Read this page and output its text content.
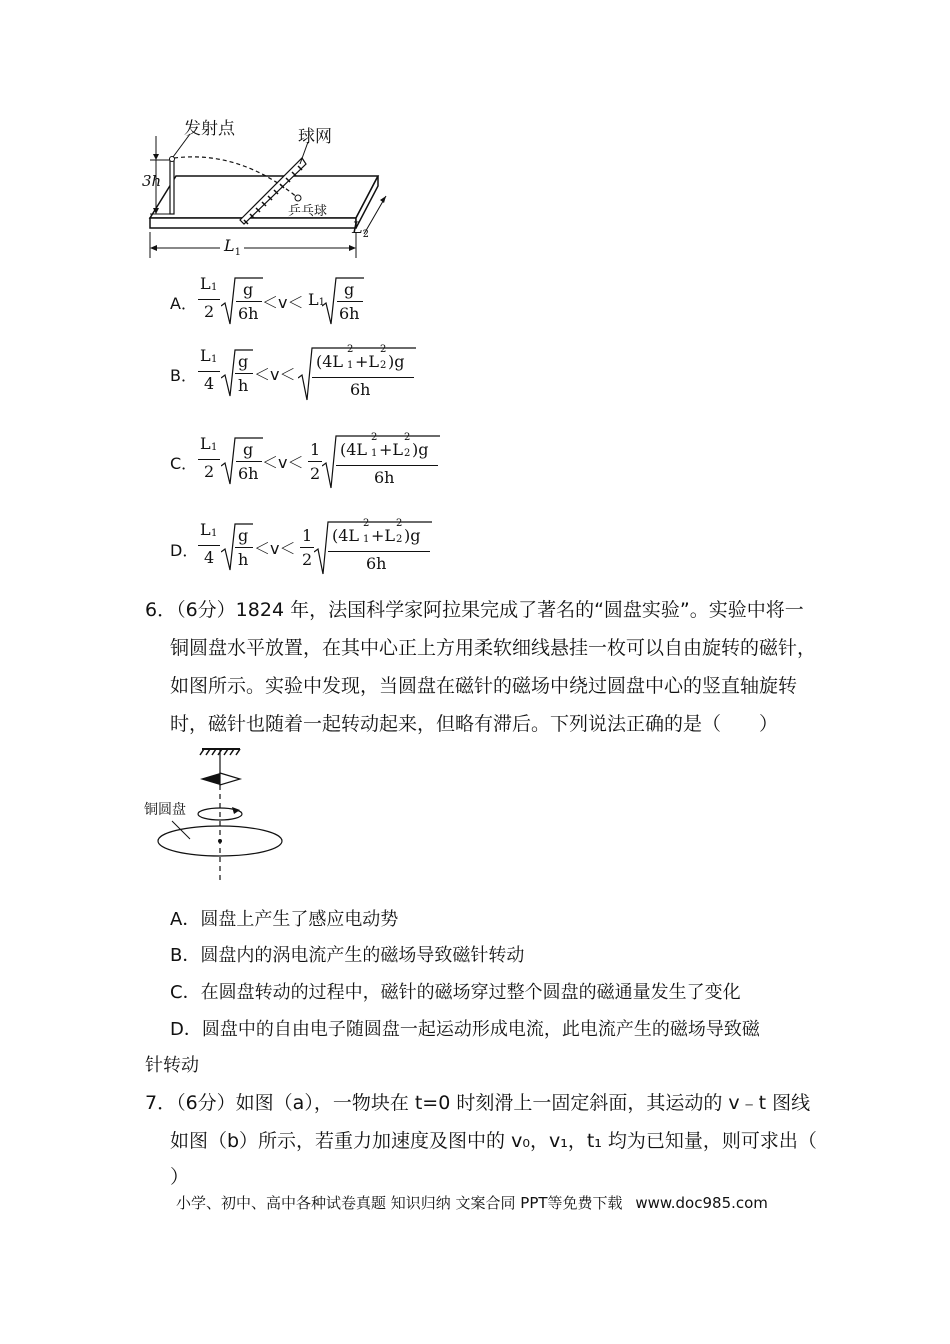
发射点	球网
乒乓球
3h
$L_1$
$L_2$
A．
L 1
2
g
6h
＜v＜ L1
g
6h
B．
L 1
4
g
h
＜v＜
(4L
2
1 +L
2
2 )g
6h
C．
L 1
2
g
6h
＜v＜
1
2
(4L
2
1 +L
2
2 )g
6h
D．
L 1
4
g
h
＜v＜
1
2
(4L
2
1 +L
2
2 )g
6h
6．（6分）1824 年，法国科学家阿拉果完成了著名的“圆盘实验”。实验中将一
铜圆盘水平放置，在其中心正上方用柔软细线悬挂一枚可以自由旋转的磁针，
如图所示。实验中发现，当圆盘在磁针的磁场中绕过圆盘中心的竖直轴旋转
时，磁针也随着一起转动起来，但略有滞后。下列说法正确的是（　　）
铜圆盘
A．圆盘上产生了感应电动势
B．圆盘内的涡电流产生的磁场导致磁针转动
C．在圆盘转动的过程中，磁针的磁场穿过整个圆盘的磁通量发生了变化
D．圆盘中的自由电子随圆盘一起运动形成电流，此电流产生的磁场导致磁
针转动
7．（6分）如图（a），一物块在 t=0 时刻滑上一固定斜面，其运动的 v﹣t 图线
如图（b）所示，若重力加速度及图中的 v₀，v₁，t₁ 均为已知量，则可求出（
）
小学、初中、高中各种试卷真题 知识归纳 文案合同 PPT等免费下载 www.doc985.com
